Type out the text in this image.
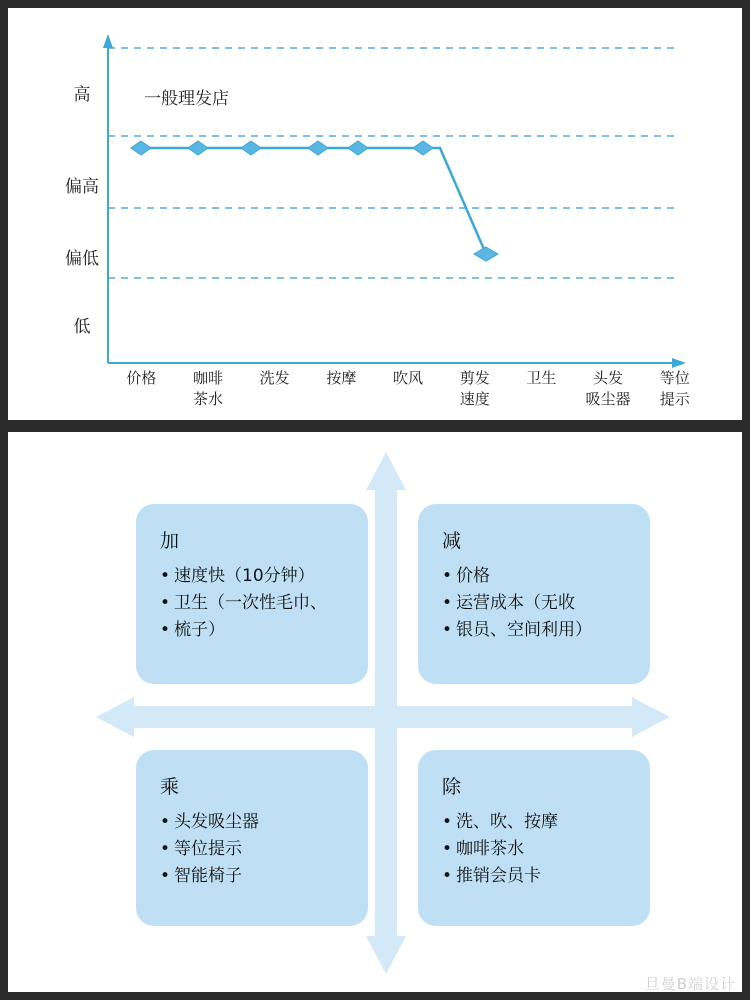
高
偏高
偏低
低
一般理发店
价格	咖啡
茶水
洗发	按摩	吹风	剪发
速度
卫生	头发
吸尘器
等位
提示
加
• 速度快（10分钟）
• 卫生（一次性毛巾、
• 梳子）
减
• 价格
• 运营成本（无收
• 银员、空间利用）
乘
• 头发吸尘器
• 等位提示
• 智能椅子
除
• 洗、吹、按摩
• 咖啡茶水
• 推销会员卡
旦曼B端设计
